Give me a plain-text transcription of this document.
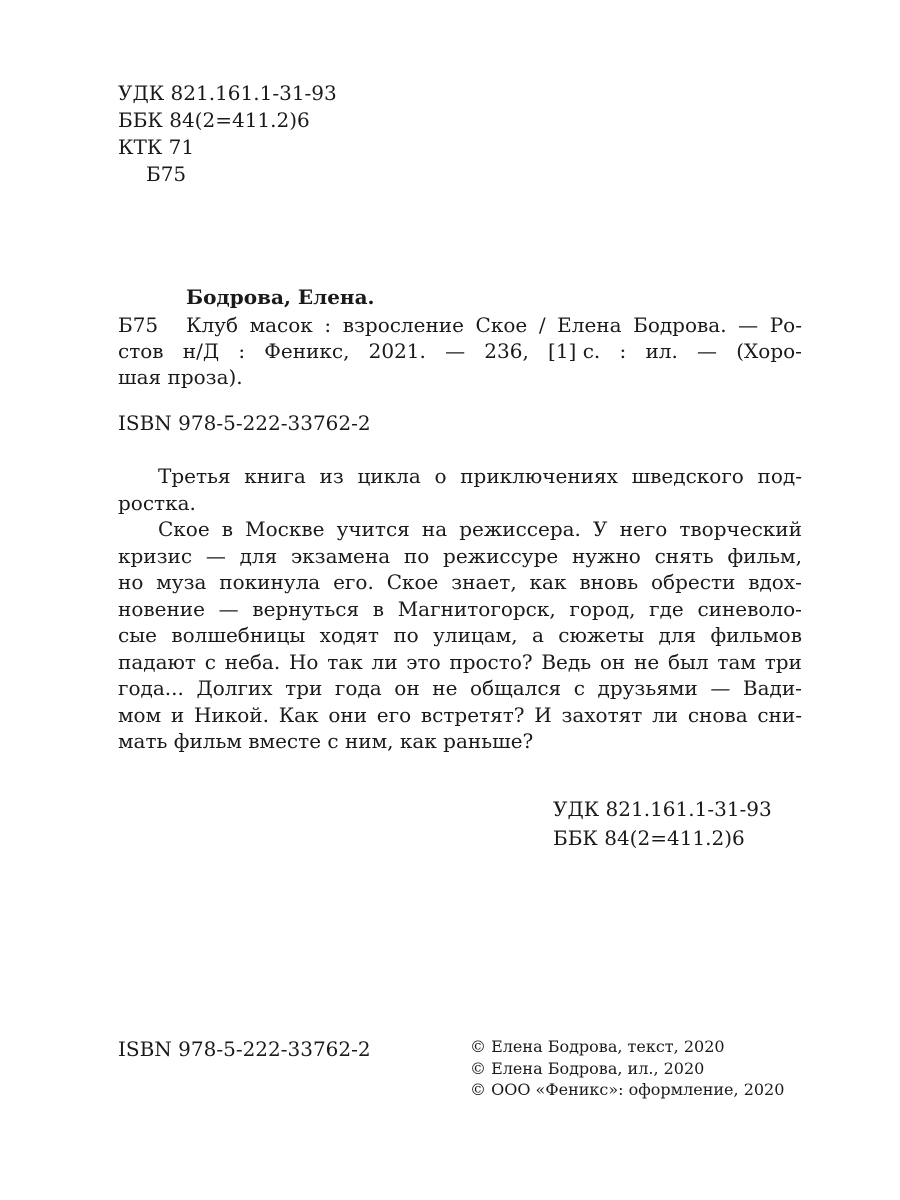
УДК 821.161.1-31-93
ББК 84(2=411.2)6
КТК 71
Б75
Бодрова, Елена.
Б75 Клуб масок : взросление Ское / Елена Бодрова. — Ро-
стов н/Д : Феникс, 2021. — 236, [1] с. : ил. — (Хоро-
шая проза).
ISBN 978-5-222-33762-2
Третья книга из цикла о приключениях шведского под-
ростка.
Ское в Москве учится на режиссера. У него творческий
кризис — для экзамена по режиссуре нужно снять фильм,
но муза покинула его. Ское знает, как вновь обрести вдох-
новение — вернуться в Магнитогорск, город, где синеволо-
сые волшебницы ходят по улицам, а сюжеты для фильмов
падают с неба. Но так ли это просто? Ведь он не был там три
года... Долгих три года он не общался с друзьями — Вади-
мом и Никой. Как они его встретят? И захотят ли снова сни-
мать фильм вместе с ним, как раньше?
УДК 821.161.1-31-93
ББК 84(2=411.2)6
ISBN 978-5-222-33762-2	© Елена Бодрова, текст, 2020
© Елена Бодрова, ил., 2020
© ООО «Феникс»: оформление, 2020
